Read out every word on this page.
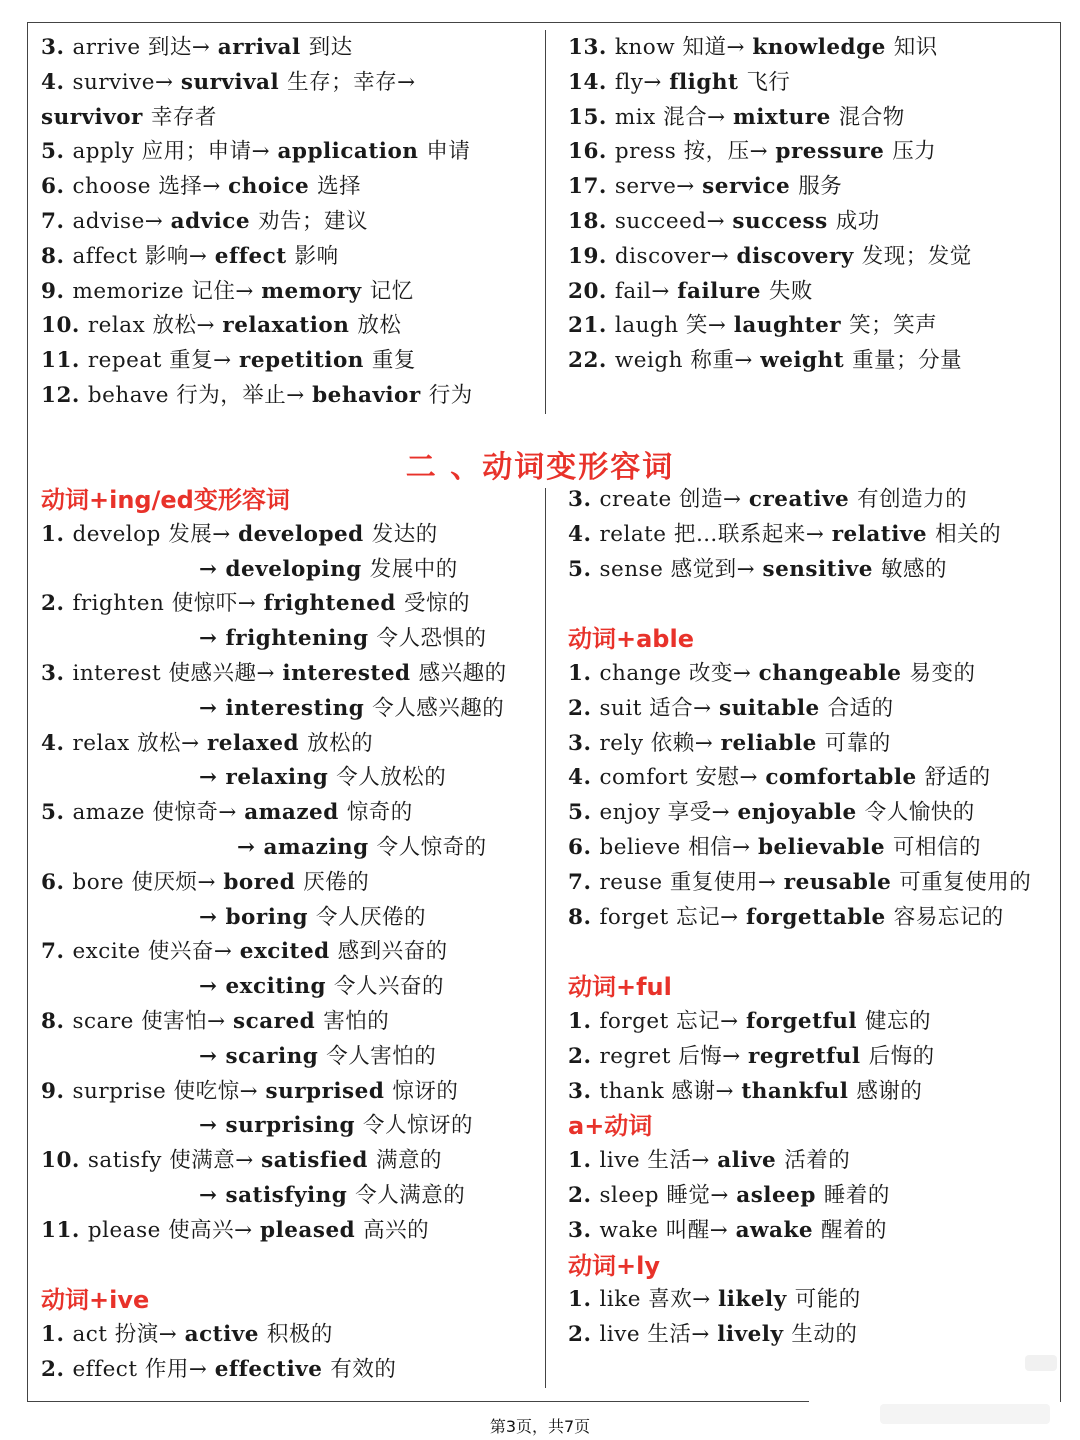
3. arrive 到达→ arrival 到达
4. survive→ survival 生存；幸存→
survivor 幸存者
5. apply 应用；申请→ application 申请
6. choose 选择→ choice 选择
7. advise→ advice 劝告；建议
8. affect 影响→ effect 影响
9. memorize 记住→ memory 记忆
10. relax 放松→ relaxation 放松
11. repeat 重复→ repetition 重复
12. behave 行为，举止→ behavior 行为
13. know 知道→ knowledge 知识
14. fly→ flight 飞行
15. mix 混合→ mixture 混合物
16. press 按，压→ pressure 压力
17. serve→ service 服务
18. succeed→ success 成功
19. discover→ discovery 发现；发觉
20. fail→ failure 失败
21. laugh 笑→ laughter 笑；笑声
22. weigh 称重→ weight 重量；分量
二 、动词变形容词
动词+ing/ed变形容词
1. develop 发展→ developed 发达的
→ developing 发展中的
2. frighten 使惊吓→ frightened 受惊的
→ frightening 令人恐惧的
3. interest 使感兴趣→ interested 感兴趣的
→ interesting 令人感兴趣的
4. relax 放松→ relaxed 放松的
→ relaxing 令人放松的
5. amaze 使惊奇→ amazed 惊奇的
→ amazing 令人惊奇的
6. bore 使厌烦→ bored 厌倦的
→ boring 令人厌倦的
7. excite 使兴奋→ excited 感到兴奋的
→ exciting 令人兴奋的
8. scare 使害怕→ scared 害怕的
→ scaring 令人害怕的
9. surprise 使吃惊→ surprised 惊讶的
→ surprising 令人惊讶的
10. satisfy 使满意→ satisfied 满意的
→ satisfying 令人满意的
11. please 使高兴→ pleased 高兴的
动词+ive
1. act 扮演→ active 积极的
2. effect 作用→ effective 有效的
3. create 创造→ creative 有创造力的
4. relate 把…联系起来→ relative 相关的
5. sense 感觉到→ sensitive 敏感的
动词+able
1. change 改变→ changeable 易变的
2. suit 适合→ suitable 合适的
3. rely 依赖→ reliable 可靠的
4. comfort 安慰→ comfortable 舒适的
5. enjoy 享受→ enjoyable 令人愉快的
6. believe 相信→ believable 可相信的
7. reuse 重复使用→ reusable 可重复使用的
8. forget 忘记→ forgettable 容易忘记的
动词+ful
1. forget 忘记→ forgetful 健忘的
2. regret 后悔→ regretful 后悔的
3. thank 感谢→ thankful 感谢的
a+动词
1. live 生活→ alive 活着的
2. sleep 睡觉→ asleep 睡着的
3. wake 叫醒→ awake 醒着的
动词+ly
1. like 喜欢→ likely 可能的
2. live 生活→ lively 生动的
第3页，共7页
